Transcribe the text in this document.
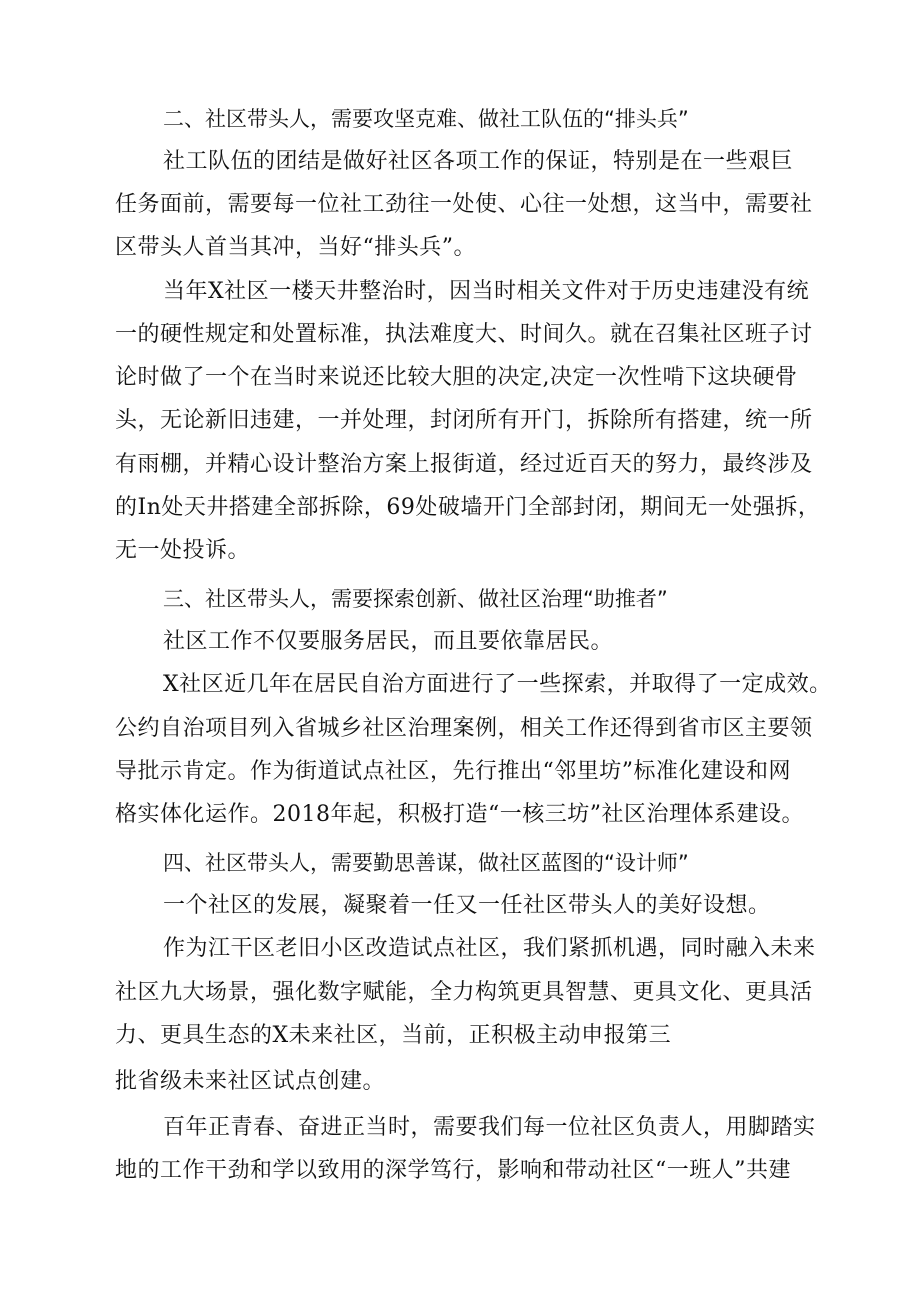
二、社区带头人，需要攻坚克难、做社工队伍的“排头兵”
社工队伍的团结是做好社区各项工作的保证，特别是在一些艰巨
任务面前，需要每一位社工劲往一处使、心往一处想，这当中，需要社
区带头人首当其冲，当好“排头兵”。
当年X社区一楼天井整治时，因当时相关文件对于历史违建没有统
一的硬性规定和处置标准，执法难度大、时间久。就在召集社区班子讨
论时做了一个在当时来说还比较大胆的决定,决定一次性啃下这块硬骨
头，无论新旧违建，一并处理，封闭所有开门，拆除所有搭建，统一所
有雨棚，并精心设计整治方案上报街道，经过近百天的努力，最终涉及
的In处天井搭建全部拆除，69处破墙开门全部封闭，期间无一处强拆，
无一处投诉。
三、社区带头人，需要探索创新、做社区治理“助推者”
社区工作不仅要服务居民，而且要依靠居民。
X社区近几年在居民自治方面进行了一些探索，并取得了一定成效。
公约自治项目列入省城乡社区治理案例，相关工作还得到省市区主要领
导批示肯定。作为街道试点社区，先行推出“邻里坊”标准化建设和网
格实体化运作。2018年起，积极打造“一核三坊”社区治理体系建设。
四、社区带头人，需要勤思善谋，做社区蓝图的“设计师”
一个社区的发展，凝聚着一任又一任社区带头人的美好设想。
作为江干区老旧小区改造试点社区，我们紧抓机遇，同时融入未来
社区九大场景，强化数字赋能，全力构筑更具智慧、更具文化、更具活
力、更具生态的X未来社区，当前，正积极主动申报第三
批省级未来社区试点创建。
百年正青春、奋进正当时，需要我们每一位社区负责人，用脚踏实
地的工作干劲和学以致用的深学笃行，影响和带动社区“一班人”共建
